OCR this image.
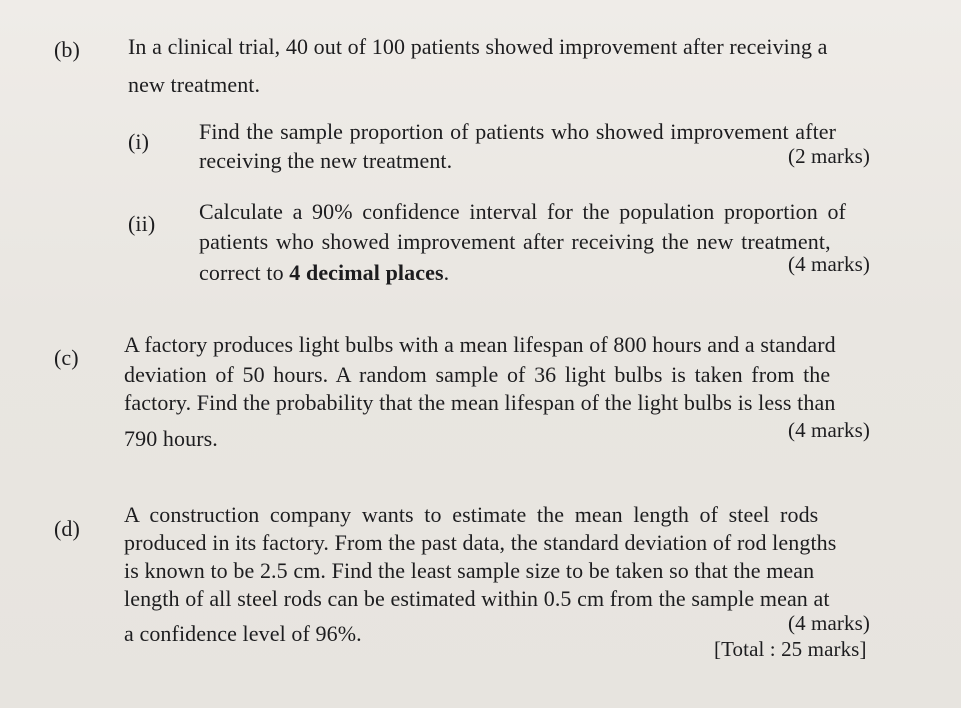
(b) In a clinical trial, 40 out of 100 patients showed improvement after receiving a
new treatment.
(i) Find the sample proportion of patients who showed improvement after
receiving the new treatment.	(2 marks)
(ii) Calculate a 90% confidence interval for the population proportion of
patients who showed improvement after receiving the new treatment,
correct to 4 decimal places.	(4 marks)
(c)
A factory produces light bulbs with a mean lifespan of 800 hours and a standard
deviation of 50 hours. A random sample of 36 light bulbs is taken from the
factory. Find the probability that the mean lifespan of the light bulbs is less than
790 hours.	(4 marks)
(d)
A construction company wants to estimate the mean length of steel rods
produced in its factory. From the past data, the standard deviation of rod lengths
is known to be 2.5 cm. Find the least sample size to be taken so that the mean
length of all steel rods can be estimated within 0.5 cm from the sample mean at
a confidence level of 96%.	(4 marks)
[Total : 25 marks]
